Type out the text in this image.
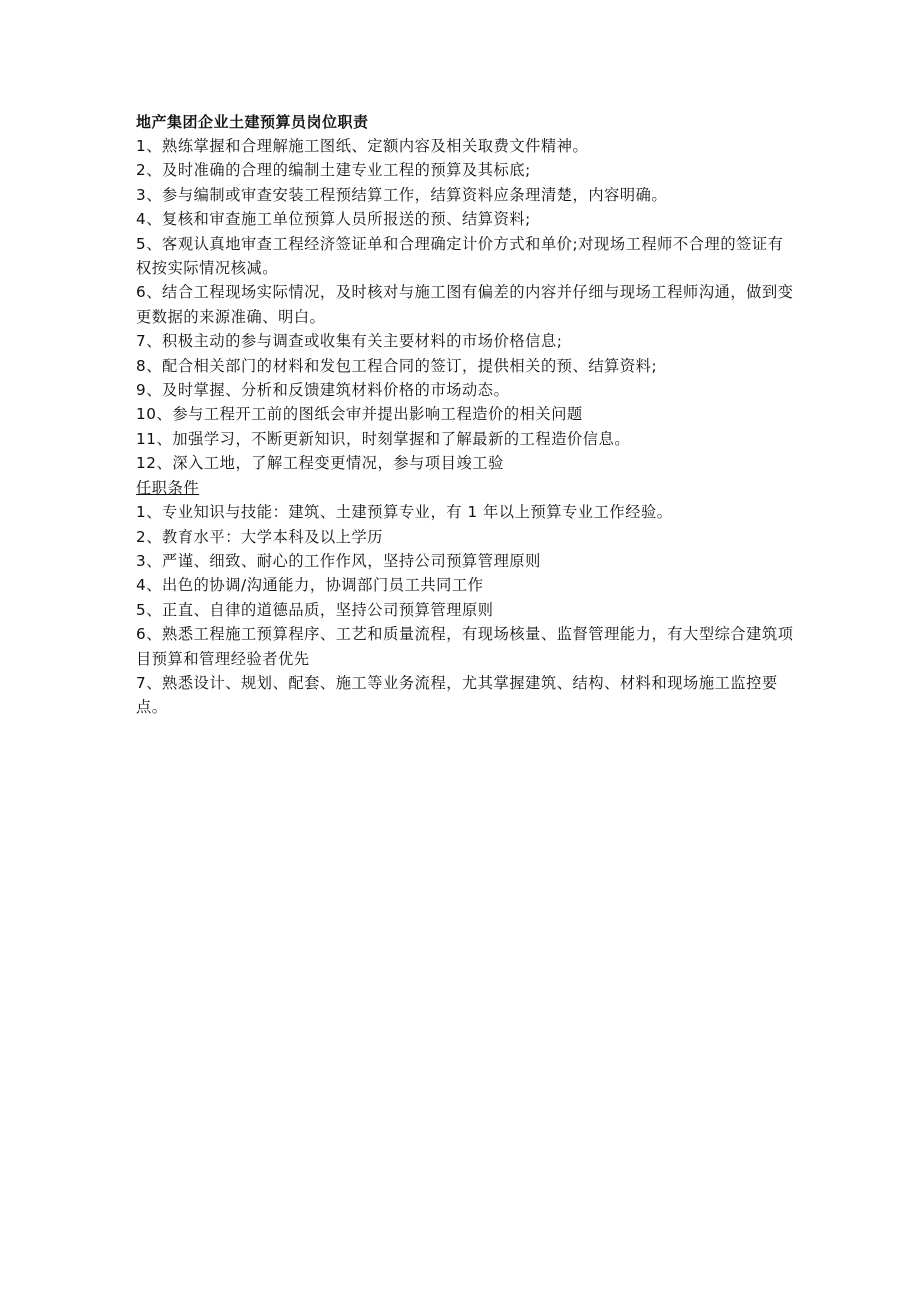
地产集团企业土建预算员岗位职责

1、熟练掌握和合理解施工图纸、定额内容及相关取费文件精神。

2、及时准确的合理的编制土建专业工程的预算及其标底;

3、参与编制或审查安装工程预结算工作，结算资料应条理清楚，内容明确。

4、复核和审查施工单位预算人员所报送的预、结算资料;

5、客观认真地审查工程经济签证单和合理确定计价方式和单价;对现场工程师不合理的签证有权按实际情况核减。

6、结合工程现场实际情况，及时核对与施工图有偏差的内容并仔细与现场工程师沟通，做到变更数据的来源准确、明白。

7、积极主动的参与调查或收集有关主要材料的市场价格信息;

8、配合相关部门的材料和发包工程合同的签订，提供相关的预、结算资料;

9、及时掌握、分析和反馈建筑材料价格的市场动态。

10、参与工程开工前的图纸会审并提出影响工程造价的相关问题

11、加强学习，不断更新知识，时刻掌握和了解最新的工程造价信息。

12、深入工地，了解工程变更情况，参与项目竣工验

任职条件

1、专业知识与技能：建筑、土建预算专业，有 1 年以上预算专业工作经验。

2、教育水平：大学本科及以上学历

3、严谨、细致、耐心的工作作风，坚持公司预算管理原则

4、出色的协调/沟通能力，协调部门员工共同工作

5、正直、自律的道德品质，坚持公司预算管理原则

6、熟悉工程施工预算程序、工艺和质量流程，有现场核量、监督管理能力，有大型综合建筑项目预算和管理经验者优先

7、熟悉设计、规划、配套、施工等业务流程，尤其掌握建筑、结构、材料和现场施工监控要点。
